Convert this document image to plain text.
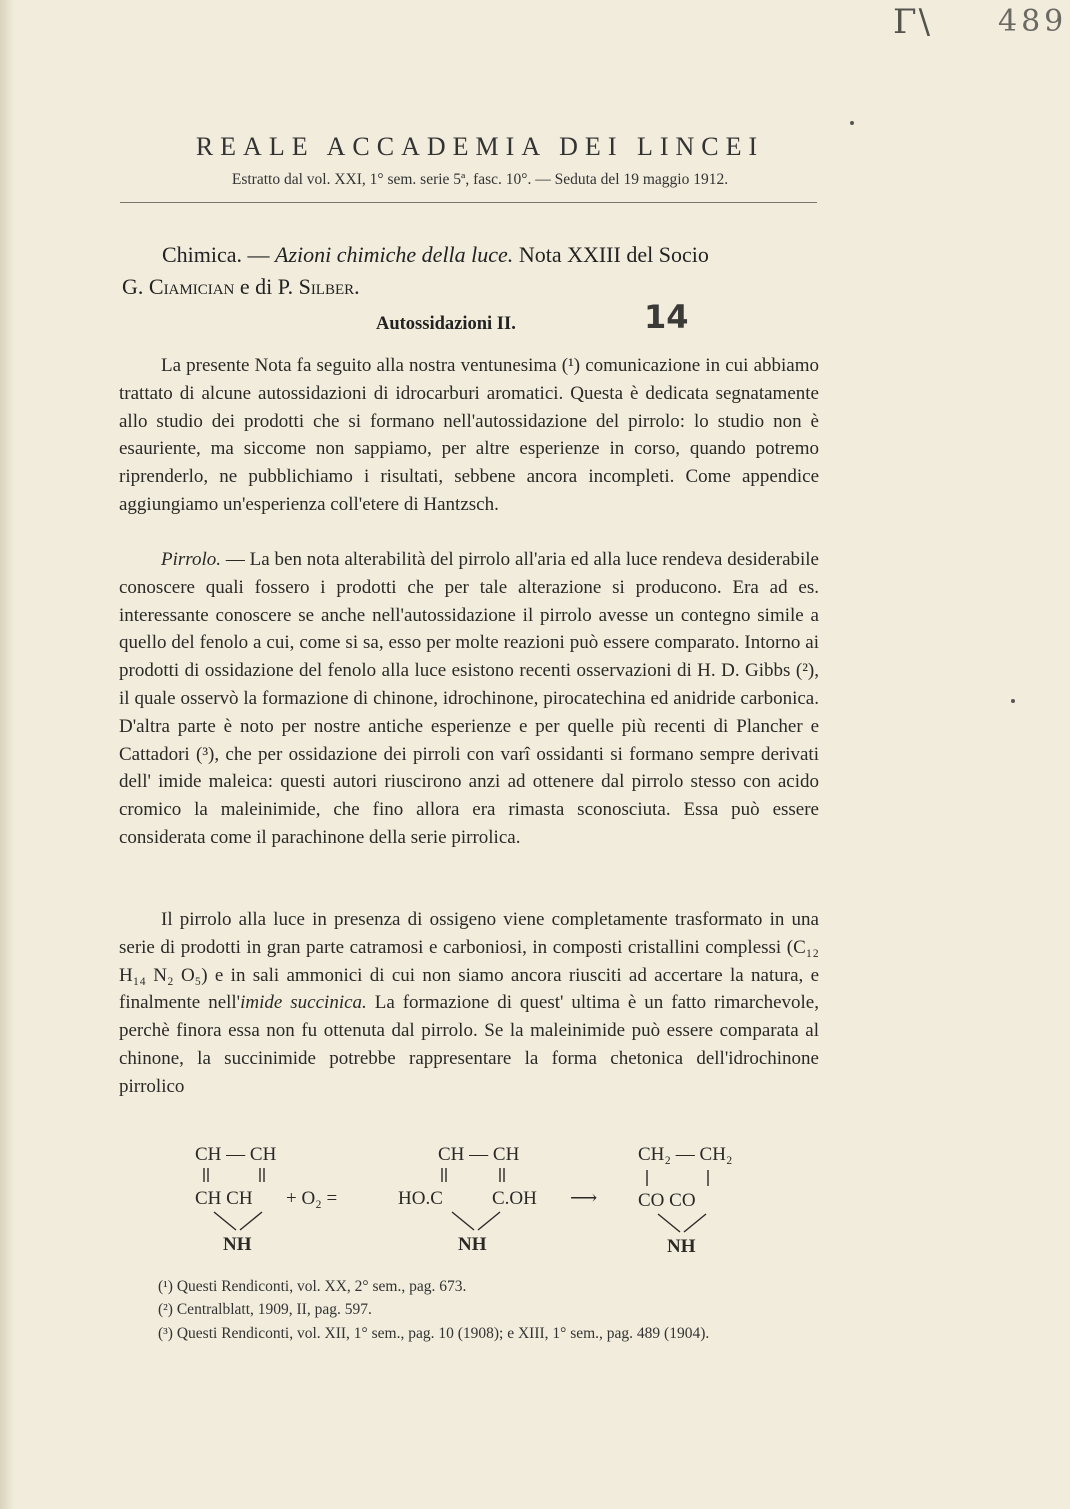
Γ\ 489
REALE ACCADEMIA DEI LINCEI
Estratto dal vol. XXI, 1° sem. serie 5ª, fasc. 10°. — Seduta del 19 maggio 1912.
Chimica. — Azioni chimiche della luce. Nota XXIII del Socio
G. Ciamician e di P. Silber.
Autossidazioni II.	14

La presente Nota fa seguito alla nostra ventunesima (¹) comunicazione in cui abbiamo trattato di alcune autossidazioni di idrocarburi aromatici. Questa è dedicata segnatamente allo studio dei prodotti che si formano nell'autossidazione del pirrolo: lo studio non è esauriente, ma siccome non sappiamo, per altre esperienze in corso, quando potremo riprenderlo, ne pubblichiamo i risultati, sebbene ancora incompleti. Come appendice aggiungiamo un'esperienza coll'etere di Hantzsch.

Pirrolo. — La ben nota alterabilità del pirrolo all'aria ed alla luce rendeva desiderabile conoscere quali fossero i prodotti che per tale alterazione si producono. Era ad es. interessante conoscere se anche nell'autossidazione il pirrolo avesse un contegno simile a quello del fenolo a cui, come si sa, esso per molte reazioni può essere comparato. Intorno ai prodotti di ossidazione del fenolo alla luce esistono recenti osservazioni di H. D. Gibbs (²), il quale osservò la formazione di chinone, idrochinone, pirocatechina ed anidride carbonica. D'altra parte è noto per nostre antiche esperienze e per quelle più recenti di Plancher e Cattadori (³), che per ossidazione dei pirroli con varî ossidanti si formano sempre derivati dell' imide maleica: questi autori riuscirono anzi ad ottenere dal pirrolo stesso con acido cromico la maleinimide, che fino allora era rimasta sconosciuta. Essa può essere considerata come il parachinone della serie pirrolica.

Il pirrolo alla luce in presenza di ossigeno viene completamente trasformato in una serie di prodotti in gran parte catramosi e carboniosi, in composti cristallini complessi (C₁₂ H₁₄ N₂ O₅) e in sali ammonici di cui non siamo ancora riusciti ad accertare la natura, e finalmente nell'imide succinica. La formazione di quest' ultima è un fatto rimarchevole, perchè finora essa non fu ottenuta dal pirrolo. Se la maleinimide può essere comparata al chinone, la succinimide potrebbe rappresentare la forma chetonica dell'idrochinone pirrolico

CH — CH
CH CH
NH
+ O₂ =
CH — CH
HO.C	C.OH
NH
⟶
CH₂ — CH₂
CO CO
NH
(¹) Questi Rendiconti, vol. XX, 2° sem., pag. 673.
(²) Centralblatt, 1909, II, pag. 597.
(³) Questi Rendiconti, vol. XII, 1° sem., pag. 10 (1908); e XIII, 1° sem., pag. 489 (1904).
